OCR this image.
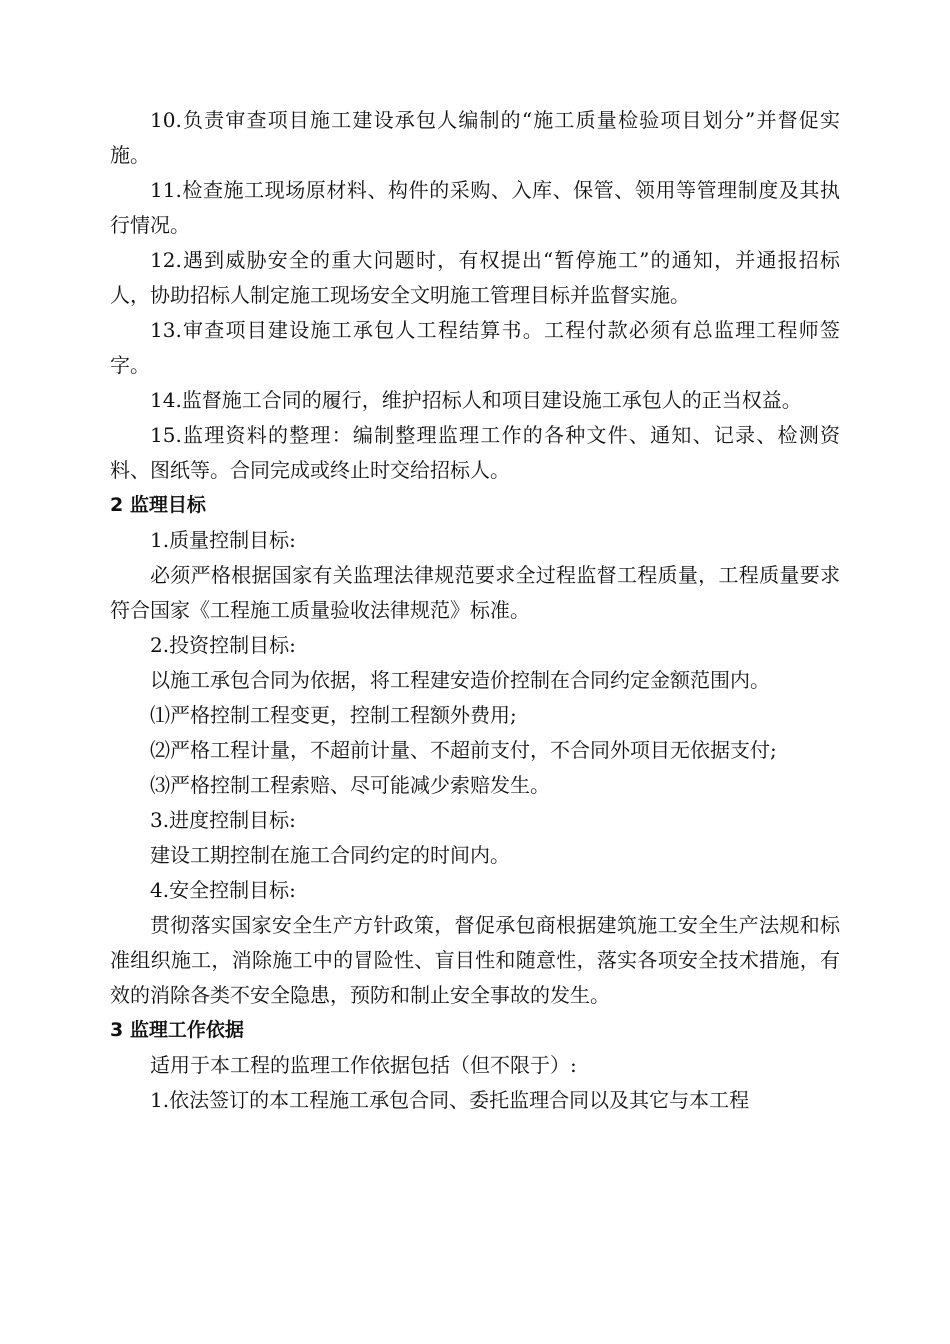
10.负责审查项目施工建设承包人编制的“施工质量检验项目划分”并督促实施。

11.检查施工现场原材料、构件的采购、入库、保管、领用等管理制度及其执行情况。

12.遇到威胁安全的重大问题时，有权提出“暂停施工”的通知，并通报招标人，协助招标人制定施工现场安全文明施工管理目标并监督实施。

13.审查项目建设施工承包人工程结算书。工程付款必须有总监理工程师签字。

14.监督施工合同的履行，维护招标人和项目建设施工承包人的正当权益。

15.监理资料的整理：编制整理监理工作的各种文件、通知、记录、检测资料、图纸等。合同完成或终止时交给招标人。

2 监理目标

1.质量控制目标:

必须严格根据国家有关监理法律规范要求全过程监督工程质量，工程质量要求符合国家《工程施工质量验收法律规范》标准。

2.投资控制目标:

以施工承包合同为依据，将工程建安造价控制在合同约定金额范围内。

⑴严格控制工程变更，控制工程额外费用;

⑵严格工程计量，不超前计量、不超前支付，不合同外项目无依据支付;

⑶严格控制工程索赔、尽可能减少索赔发生。

3.进度控制目标:

建设工期控制在施工合同约定的时间内。

4.安全控制目标:

贯彻落实国家安全生产方针政策，督促承包商根据建筑施工安全生产法规和标准组织施工，消除施工中的冒险性、盲目性和随意性，落实各项安全技术措施，有效的消除各类不安全隐患，预防和制止安全事故的发生。

3 监理工作依据

适用于本工程的监理工作依据包括（但不限于）:

1.依法签订的本工程施工承包合同、委托监理合同以及其它与本工程
